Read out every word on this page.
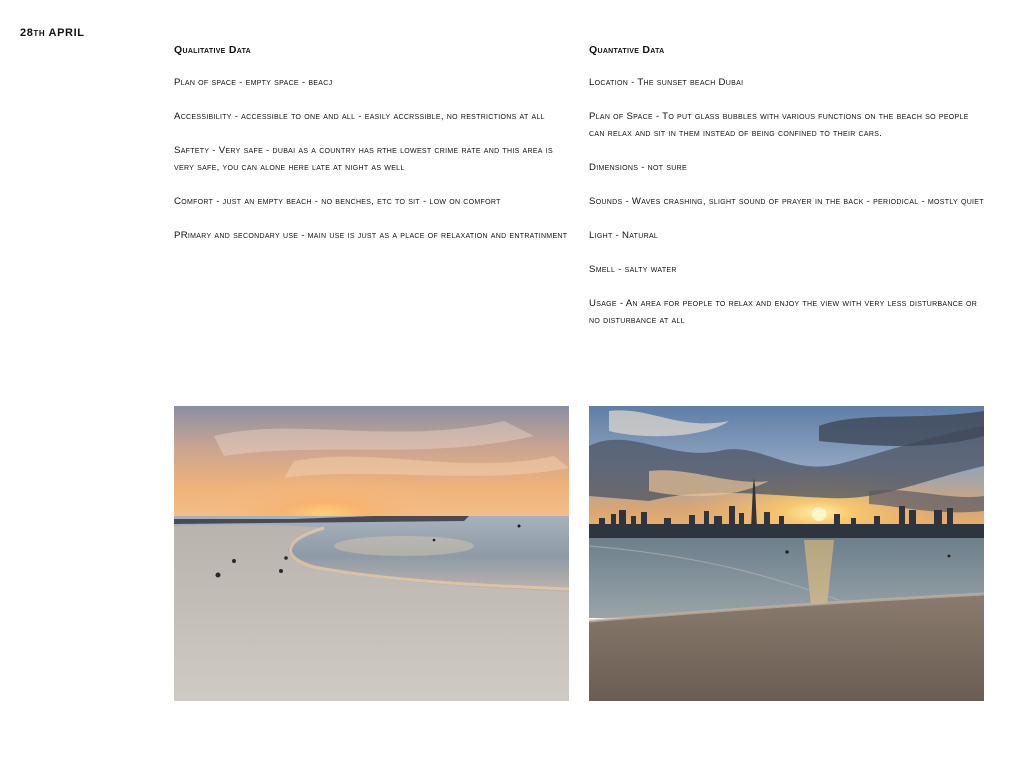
28th APRIL
Qualitative Data
Plan of space - empty space - beacj
Accessibility - accessible to one and all - easily accrssible, no restrictions at all
Saftety - Very safe - dubai as a country has rthe lowest crime rate and this area is very safe, you can alone here late at night as well
Comfort - just an empty beach - no benches, etc to sit - low on comfort
PRimary and secondary use - main use is just as a place of relaxation and entratinment
Quantative Data
Location - The sunset beach Dubai
Plan of Space - To put glass bubbles with various functions on the beach so people can relax and sit in them instead of being confined to their cars.
Dimensions - not sure
Sounds - Waves crashing, slight sound of prayer in the back - periodical - mostly quiet
Light - Natural
Smell - salty water
Usage - An area for people to relax and enjoy the view with very less disturbance or no disturbance at all
